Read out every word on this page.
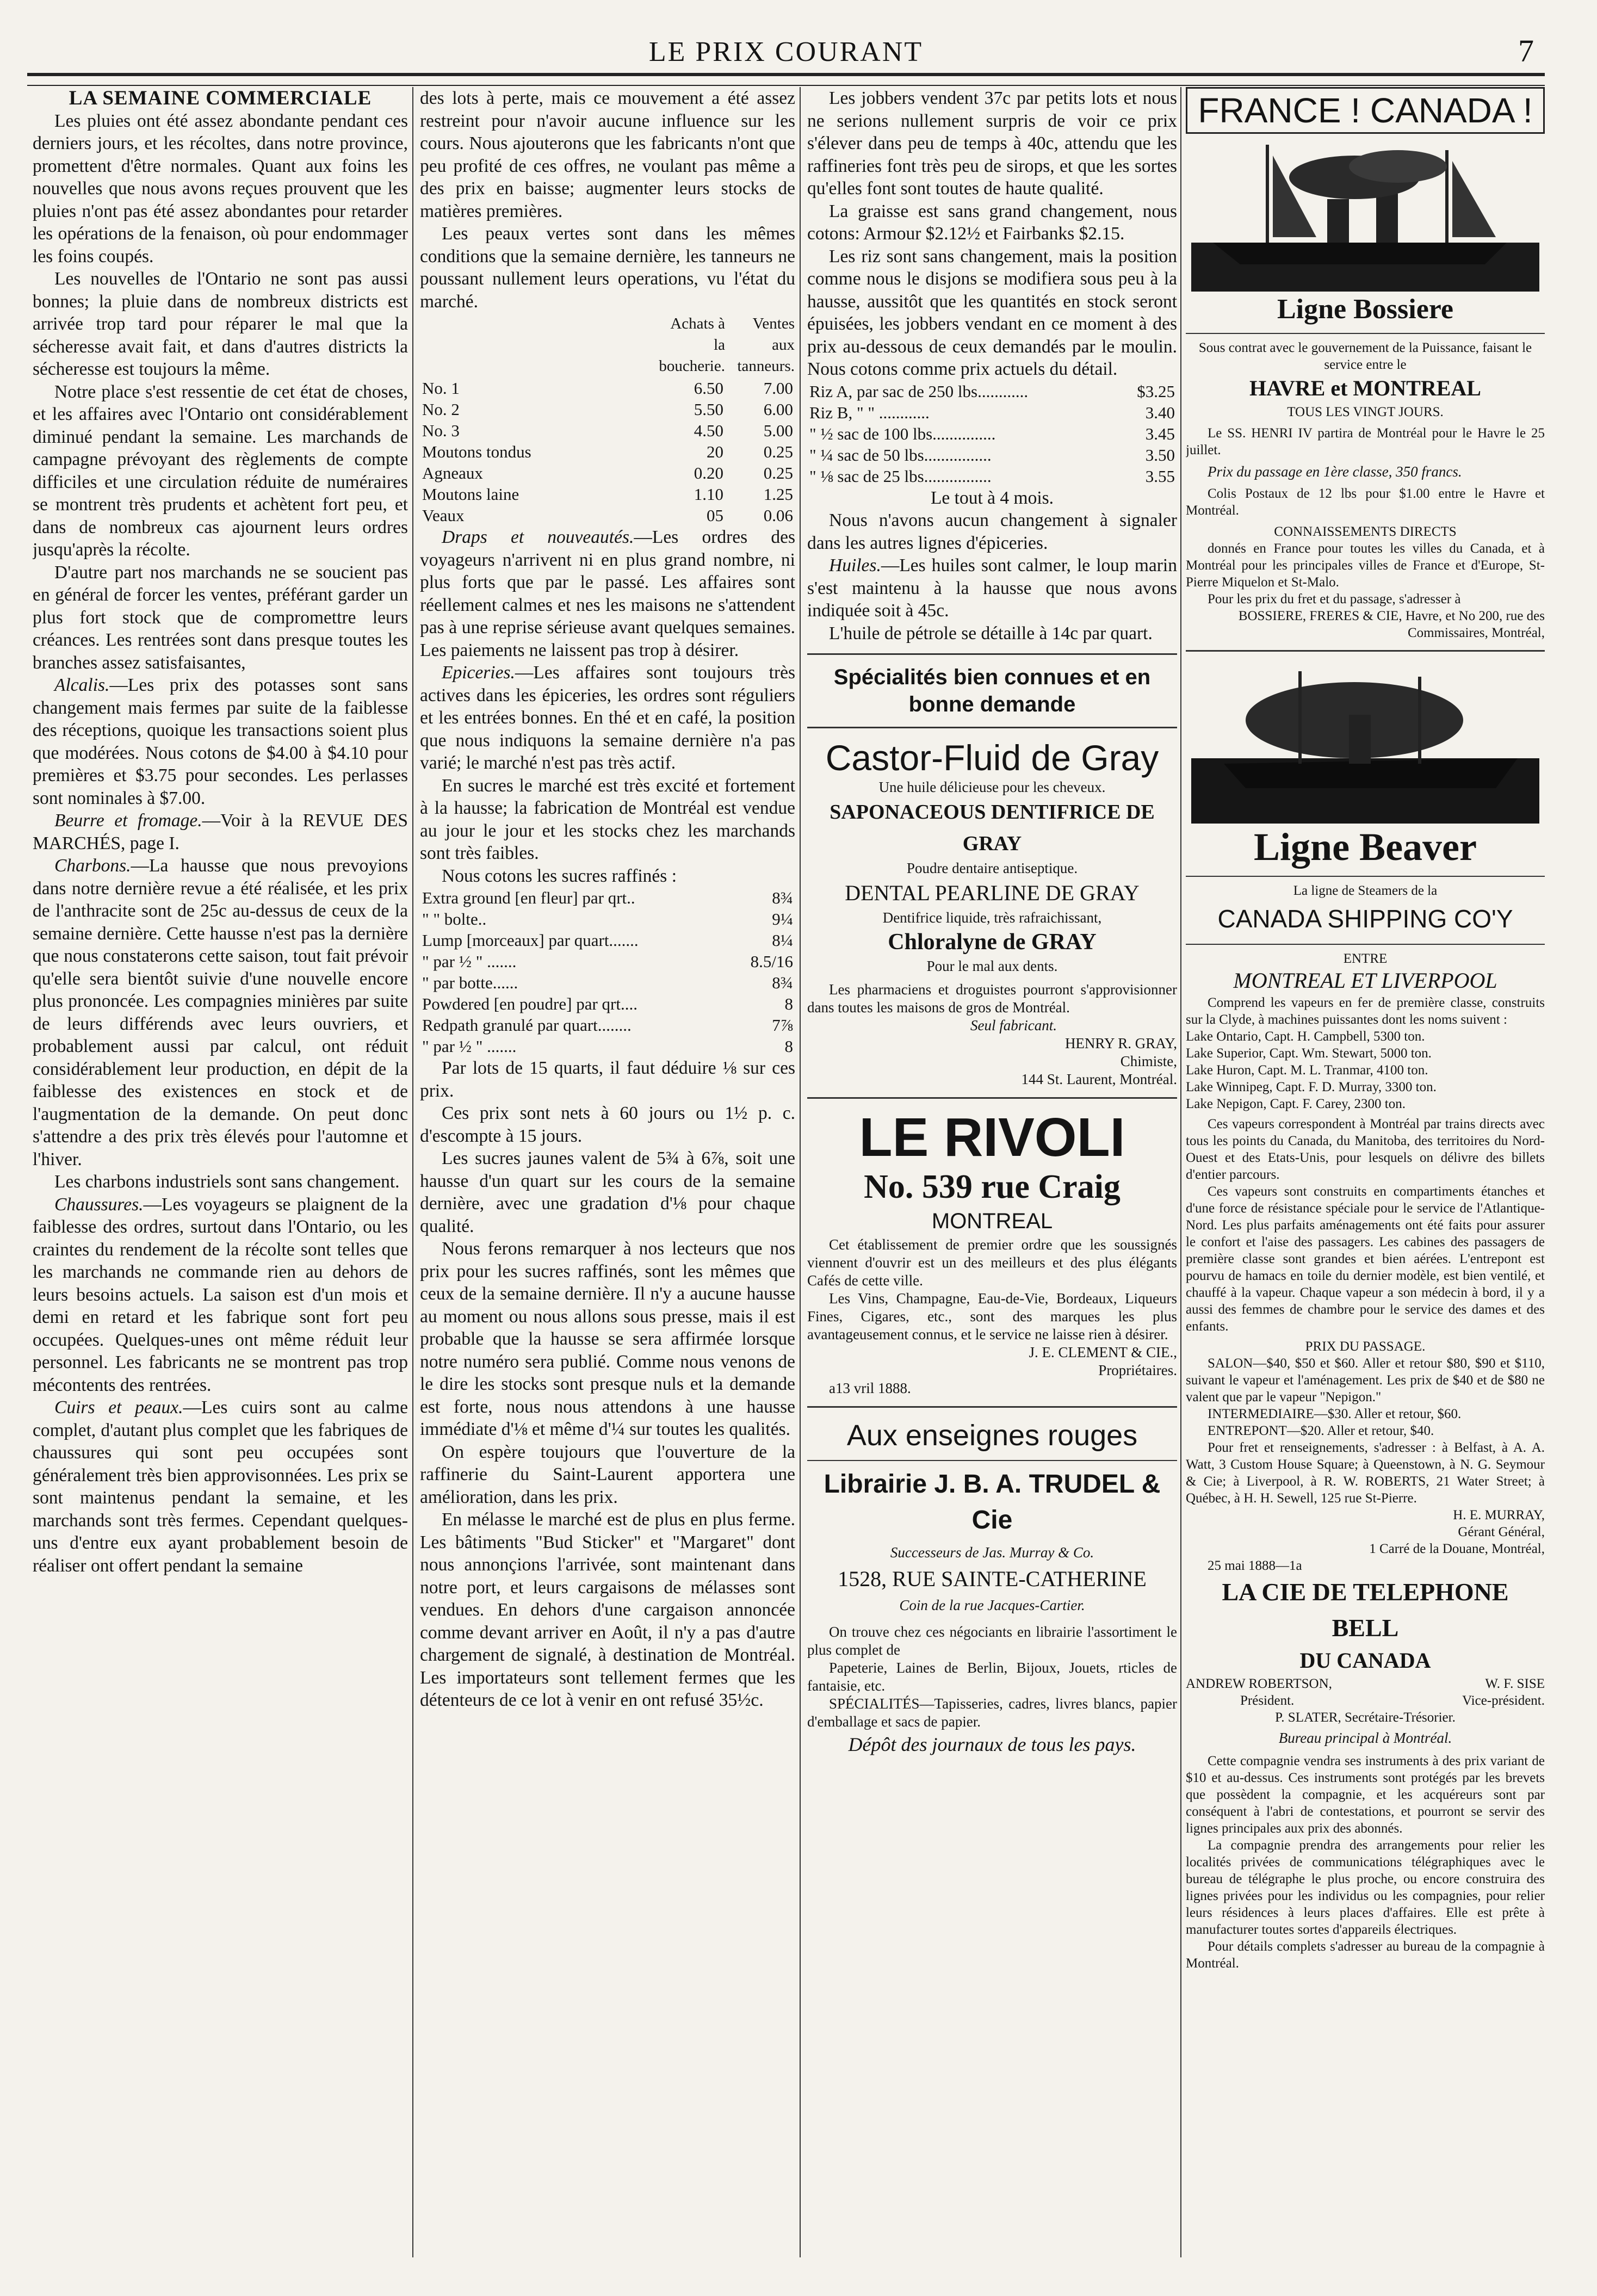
LE PRIX COURANT	7
LA SEMAINE COMMERCIALE

Les pluies ont été assez abondante pendant ces derniers jours, et les récoltes, dans notre province, promettent d'être normales. Quant aux foins les nouvelles que nous avons reçues prouvent que les pluies n'ont pas été assez abondantes pour retarder les opérations de la fenaison, où pour endommager les foins coupés.

Les nouvelles de l'Ontario ne sont pas aussi bonnes; la pluie dans de nombreux districts est arrivée trop tard pour réparer le mal que la sécheresse avait fait, et dans d'autres districts la sécheresse est toujours la même.

Notre place s'est ressentie de cet état de choses, et les affaires avec l'Ontario ont considérablement diminué pendant la semaine. Les marchands de campagne prévoyant des règlements de compte difficiles et une circulation réduite de numéraires se montrent très prudents et achètent fort peu, et dans de nombreux cas ajournent leurs ordres jusqu'après la récolte.

D'autre part nos marchands ne se soucient pas en général de forcer les ventes, préférant garder un plus fort stock que de compromettre leurs créances. Les rentrées sont dans presque toutes les branches assez satisfaisantes,

Alcalis.—Les prix des potasses sont sans changement mais fermes par suite de la faiblesse des réceptions, quoique les transactions soient plus que modérées. Nous cotons de $4.00 à $4.10 pour premières et $3.75 pour secondes. Les perlasses sont nominales à $7.00.

Beurre et fromage.—Voir à la REVUE DES MARCHÉS, page I.

Charbons.—La hausse que nous prevoyions dans notre dernière revue a été réalisée, et les prix de l'anthracite sont de 25c au-dessus de ceux de la semaine dernière. Cette hausse n'est pas la dernière que nous constaterons cette saison, tout fait prévoir qu'elle sera bientôt suivie d'une nouvelle encore plus prononcée. Les compagnies minières par suite de leurs différends avec leurs ouvriers, et probablement aussi par calcul, ont réduit considérablement leur production, en dépit de la faiblesse des existences en stock et de l'augmentation de la demande. On peut donc s'attendre a des prix très élevés pour l'automne et l'hiver.

Les charbons industriels sont sans changement.

Chaussures.—Les voyageurs se plaignent de la faiblesse des ordres, surtout dans l'Ontario, ou les craintes du rendement de la récolte sont telles que les marchands ne commande rien au dehors de leurs besoins actuels. La saison est d'un mois et demi en retard et les fabrique sont fort peu occupées. Quelques-unes ont même réduit leur personnel. Les fabricants ne se montrent pas trop mécontents des rentrées.

Cuirs et peaux.—Les cuirs sont au calme complet, d'autant plus complet que les fabriques de chaussures qui sont peu occupées sont généralement très bien approvisonnées. Les prix se sont maintenus pendant la semaine, et les marchands sont très fermes. Cependant quelques-uns d'entre eux ayant probablement besoin de réaliser ont offert pendant la semaine

des lots à perte, mais ce mouvement a été assez restreint pour n'avoir aucune influence sur les cours. Nous ajouterons que les fabricants n'ont que peu profité de ces offres, ne voulant pas même a des prix en baisse; augmenter leurs stocks de matières premières.

Les peaux vertes sont dans les mêmes conditions que la semaine dernière, les tanneurs ne poussant nullement leurs operations, vu l'état du marché.

	Achats à la boucherie.	Ventes aux tanneurs.
No. 1	6.50	7.00
No. 2	5.50	6.00
No. 3	4.50	5.00
Moutons tondus	20	0.25
Agneaux	0.20	0.25
Moutons laine	1.10	1.25
Veaux	05	0.06

Draps et nouveautés.—Les ordres des voyageurs n'arrivent ni en plus grand nombre, ni plus forts que par le passé. Les affaires sont réellement calmes et nes les maisons ne s'attendent pas à une reprise sérieuse avant quelques semaines. Les paiements ne laissent pas trop à désirer.

Epiceries.—Les affaires sont toujours très actives dans les épiceries, les ordres sont réguliers et les entrées bonnes. En thé et en café, la position que nous indiquons la semaine dernière n'a pas varié; le marché n'est pas très actif.

En sucres le marché est très excité et fortement à la hausse; la fabrication de Montréal est vendue au jour le jour et les stocks chez les marchands sont très faibles.

Nous cotons les sucres raffinés :

Extra ground [en fleur] par qrt..	8¾
" " bolte..	9¼
Lump [morceaux] par quart.......	8¼
" par ½ " .......	8.5/16
" par botte......	8¾
Powdered [en poudre] par qrt....	8
Redpath granulé par quart........	7⅞
" par ½ " .......	8

Par lots de 15 quarts, il faut déduire ⅛ sur ces prix.

Ces prix sont nets à 60 jours ou 1½ p. c. d'escompte à 15 jours.

Les sucres jaunes valent de 5¾ à 6⅞, soit une hausse d'un quart sur les cours de la semaine dernière, avec une gradation d'⅛ pour chaque qualité.

Nous ferons remarquer à nos lecteurs que nos prix pour les sucres raffinés, sont les mêmes que ceux de la semaine dernière. Il n'y a aucune hausse au moment ou nous allons sous presse, mais il est probable que la hausse se sera affirmée lorsque notre numéro sera publié. Comme nous venons de le dire les stocks sont presque nuls et la demande est forte, nous nous attendons à une hausse immédiate d'⅛ et même d'¼ sur toutes les qualités.

On espère toujours que l'ouverture de la raffinerie du Saint-Laurent apportera une amélioration, dans les prix.

En mélasse le marché est de plus en plus ferme. Les bâtiments "Bud Sticker" et "Margaret" dont nous annonçions l'arrivée, sont maintenant dans notre port, et leurs cargaisons de mélasses sont vendues. En dehors d'une cargaison annoncée comme devant arriver en Août, il n'y a pas d'autre chargement de signalé, à destination de Montréal. Les importateurs sont tellement fermes que les détenteurs de ce lot à venir en ont refusé 35½c.

Les jobbers vendent 37c par petits lots et nous ne serions nullement surpris de voir ce prix s'élever dans peu de temps à 40c, attendu que les raffineries font très peu de sirops, et que les sortes qu'elles font sont toutes de haute qualité.

La graisse est sans grand changement, nous cotons: Armour $2.12½ et Fairbanks $2.15.

Les riz sont sans changement, mais la position comme nous le disjons se modifiera sous peu à la hausse, aussitôt que les quantités en stock seront épuisées, les jobbers vendant en ce moment à des prix au-dessous de ceux demandés par le moulin. Nous cotons comme prix actuels du détail.

Riz A, par sac de 250 lbs............	$3.25
Riz B, " " ............	3.40
" ½ sac de 100 lbs...............	3.45
" ¼ sac de 50 lbs................	3.50
" ⅛ sac de 25 lbs................	3.55

Le tout à 4 mois.

Nous n'avons aucun changement à signaler dans les autres lignes d'épiceries.

Huiles.—Les huiles sont calmer, le loup marin s'est maintenu à la hausse que nous avons indiquée soit à 45c.

L'huile de pétrole se détaille à 14c par quart.

Spécialités bien connues et en bonne demande
Castor-Fluid de Gray

Une huile délicieuse pour les cheveux.

SAPONACEOUS DENTIFRICE DE GRAY

Poudre dentaire antiseptique.

DENTAL PEARLINE DE GRAY

Dentifrice liquide, très rafraichissant,

Chloralyne de GRAY

Pour le mal aux dents.

Les pharmaciens et droguistes pourront s'approvisionner dans toutes les maisons de gros de Montréal.

Seul fabricant.

HENRY R. GRAY,

Chimiste,

144 St. Laurent, Montréal.

LE RIVOLI
No. 539 rue Craig
MONTREAL

Cet établissement de premier ordre que les soussignés viennent d'ouvrir est un des meilleurs et des plus élégants Cafés de cette ville.

Les Vins, Champagne, Eau-de-Vie, Bordeaux, Liqueurs Fines, Cigares, etc., sont des marques les plus avantageusement connus, et le service ne laisse rien à désirer.

J. E. CLEMENT & CIE.,

Propriétaires.

a13 vril 1888.

Aux enseignes rouges
Librairie J. B. A. TRUDEL & Cie

Successeurs de Jas. Murray & Co.

1528, RUE SAINTE-CATHERINE

Coin de la rue Jacques-Cartier.

On trouve chez ces négociants en librairie l'assortiment le plus complet de

Papeterie, Laines de Berlin, Bijoux, Jouets, rticles de fantaisie, etc.

SPÉCIALITÉS—Tapisseries, cadres, livres blancs, papier d'emballage et sacs de papier.

Dépôt des journaux de tous les pays.

FRANCE ! CANADA !
Ligne Bossiere

Sous contrat avec le gouvernement de la Puissance, faisant le service entre le

HAVRE et MONTREAL

TOUS LES VINGT JOURS.

Le SS. HENRI IV partira de Montréal pour le Havre le 25 juillet.

Prix du passage en 1ère classe, 350 francs.

Colis Postaux de 12 lbs pour $1.00 entre le Havre et Montréal.

CONNAISSEMENTS DIRECTS

donnés en France pour toutes les villes du Canada, et à Montréal pour les principales villes de France et d'Europe, St-Pierre Miquelon et St-Malo.

Pour les prix du fret et du passage, s'adresser à

BOSSIERE, FRERES & CIE, Havre, et No 200, rue des Commissaires, Montréal,

Ligne Beaver

La ligne de Steamers de la

CANADA SHIPPING CO'Y

ENTRE

MONTREAL ET LIVERPOOL

Comprend les vapeurs en fer de première classe, construits sur la Clyde, à machines puissantes dont les noms suivent :

Lake Ontario, Capt. H. Campbell, 5300 ton.

Lake Superior, Capt. Wm. Stewart, 5000 ton.

Lake Huron, Capt. M. L. Tranmar, 4100 ton.

Lake Winnipeg, Capt. F. D. Murray, 3300 ton.

Lake Nepigon, Capt. F. Carey, 2300 ton.

Ces vapeurs correspondent à Montréal par trains directs avec tous les points du Canada, du Manitoba, des territoires du Nord-Ouest et des Etats-Unis, pour lesquels on délivre des billets d'entier parcours.

Ces vapeurs sont construits en compartiments étanches et d'une force de résistance spéciale pour le service de l'Atlantique-Nord. Les plus parfaits aménagements ont été faits pour assurer le confort et l'aise des passagers. Les cabines des passagers de première classe sont grandes et bien aérées. L'entrepont est pourvu de hamacs en toile du dernier modèle, est bien ventilé, et chauffé à la vapeur. Chaque vapeur a son médecin à bord, il y a aussi des femmes de chambre pour le service des dames et des enfants.

PRIX DU PASSAGE.

SALON—$40, $50 et $60. Aller et retour $80, $90 et $110, suivant le vapeur et l'aménagement. Les prix de $40 et de $80 ne valent que par le vapeur "Nepigon."

INTERMEDIAIRE—$30. Aller et retour, $60.

ENTREPONT—$20. Aller et retour, $40.

Pour fret et renseignements, s'adresser : à Belfast, à A. A. Watt, 3 Custom House Square; à Queenstown, à N. G. Seymour & Cie; à Liverpool, à R. W. ROBERTS, 21 Water Street; à Québec, à H. H. Sewell, 125 rue St-Pierre.

H. E. MURRAY,

Gérant Général,

1 Carré de la Douane, Montréal,

25 mai 1888—1a

LA CIE DE TELEPHONE BELL
DU CANADA
ANDREW ROBERTSON,
Président.
W. F. SISE
Vice-président.

P. SLATER, Secrétaire-Trésorier.

Bureau principal à Montréal.

Cette compagnie vendra ses instruments à des prix variant de $10 et au-dessus. Ces instruments sont protégés par les brevets que possèdent la compagnie, et les acquéreurs sont par conséquent à l'abri de contestations, et pourront se servir des lignes principales aux prix des abonnés.

La compagnie prendra des arrangements pour relier les localités privées de communications télégraphiques avec le bureau de télégraphe le plus proche, ou encore construira des lignes privées pour les individus ou les compagnies, pour relier leurs résidences à leurs places d'affaires. Elle est prête à manufacturer toutes sortes d'appareils électriques.

Pour détails complets s'adresser au bureau de la compagnie à Montréal.
